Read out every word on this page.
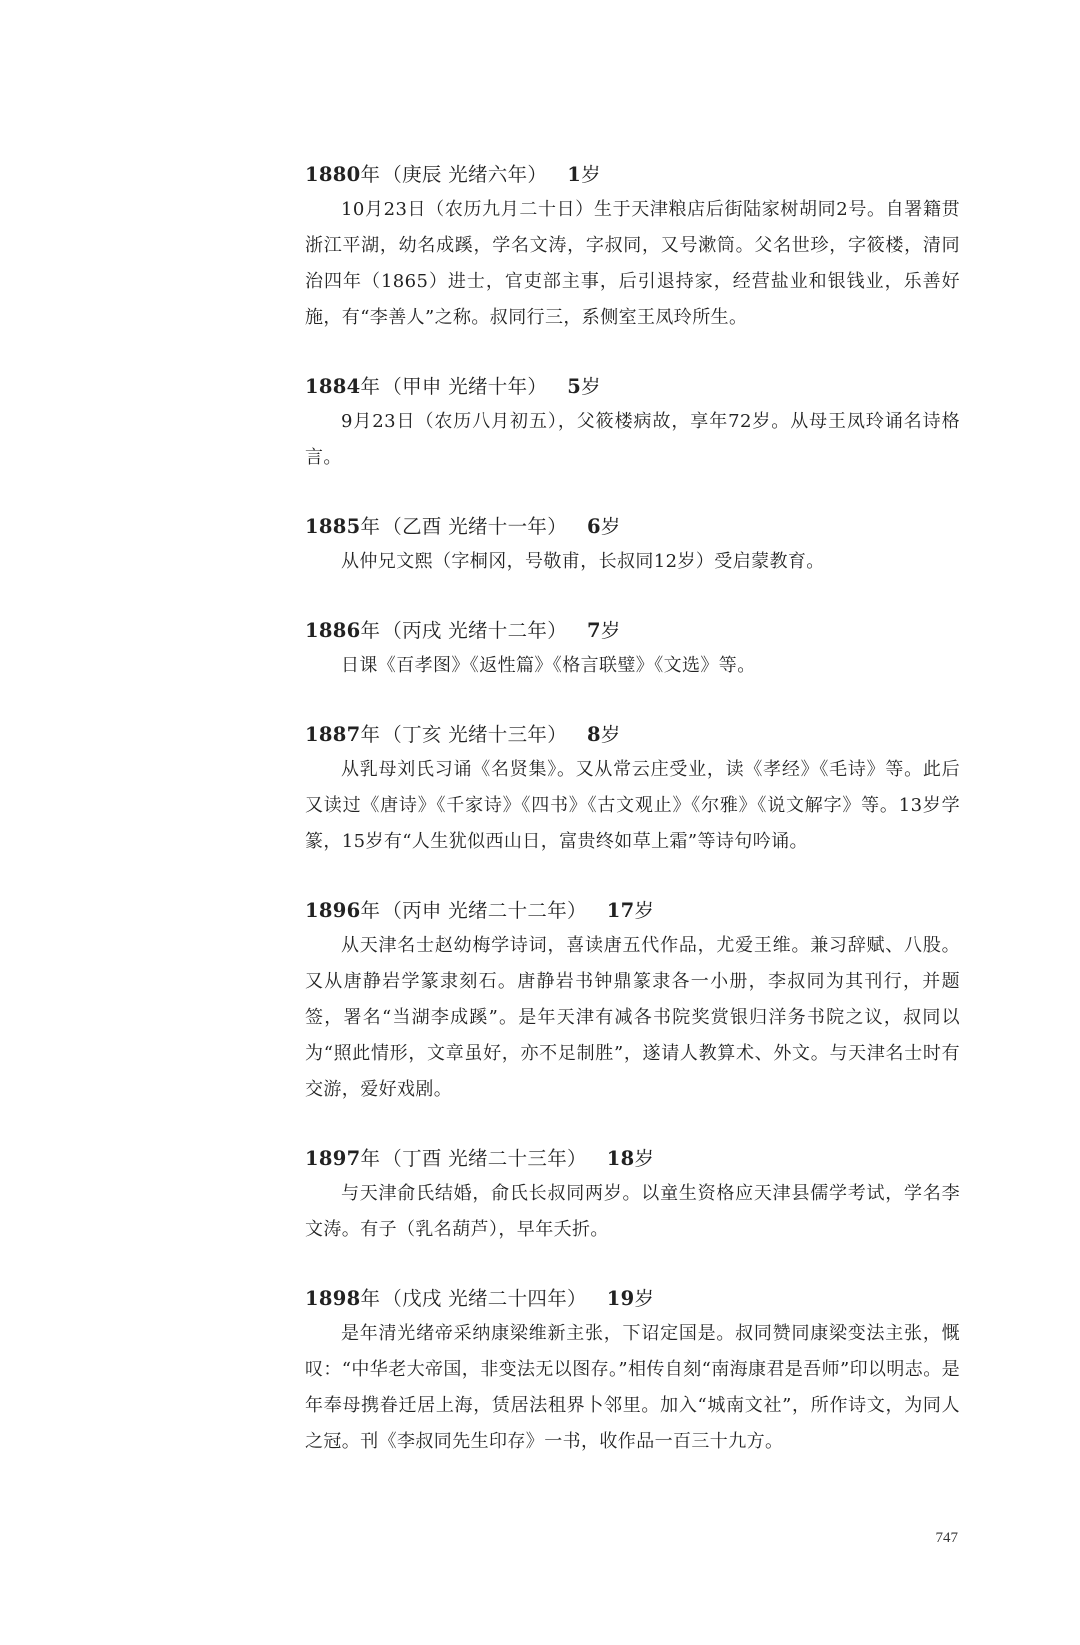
1880年 （庚辰 光绪六年） 1岁
10月23日（农历九月二十日）生于天津粮店后街陆家树胡同2号。自署籍贯浙江平湖，幼名成蹊，学名文涛，字叔同，又号漱筒。父名世珍，字筱楼，清同治四年（1865）进士，官吏部主事，后引退持家，经营盐业和银钱业，乐善好施，有“李善人”之称。叔同行三，系侧室王凤玲所生。
1884年 （甲申 光绪十年） 5岁
9月23日（农历八月初五），父筱楼病故，享年72岁。从母王凤玲诵名诗格言。
1885年 （乙酉 光绪十一年） 6岁
从仲兄文熙（字桐冈，号敬甫，长叔同12岁）受启蒙教育。
1886年 （丙戌 光绪十二年） 7岁
日课《百孝图》《返性篇》《格言联璧》《文选》等。
1887年 （丁亥 光绪十三年） 8岁
从乳母刘氏习诵《名贤集》。又从常云庄受业，读《孝经》《毛诗》等。此后又读过《唐诗》《千家诗》《四书》《古文观止》《尔雅》《说文解字》等。13岁学篆，15岁有“人生犹似西山日，富贵终如草上霜”等诗句吟诵。
1896年 （丙申 光绪二十二年） 17岁
从天津名士赵幼梅学诗词，喜读唐五代作品，尤爱王维。兼习辞赋、八股。又从唐静岩学篆隶刻石。唐静岩书钟鼎篆隶各一小册，李叔同为其刊行，并题签，署名“当湖李成蹊”。是年天津有减各书院奖赏银归洋务书院之议，叔同以为“照此情形，文章虽好，亦不足制胜”，遂请人教算术、外文。与天津名士时有交游，爱好戏剧。
1897年 （丁酉 光绪二十三年） 18岁
与天津俞氏结婚，俞氏长叔同两岁。以童生资格应天津县儒学考试，学名李文涛。有子（乳名葫芦），早年夭折。
1898年 （戊戌 光绪二十四年） 19岁
是年清光绪帝采纳康梁维新主张，下诏定国是。叔同赞同康梁变法主张，慨叹：“中华老大帝国，非变法无以图存。”相传自刻“南海康君是吾师”印以明志。是年奉母携眷迁居上海，赁居法租界卜邻里。加入“城南文社”，所作诗文，为同人之冠。刊《李叔同先生印存》一书，收作品一百三十九方。
747
